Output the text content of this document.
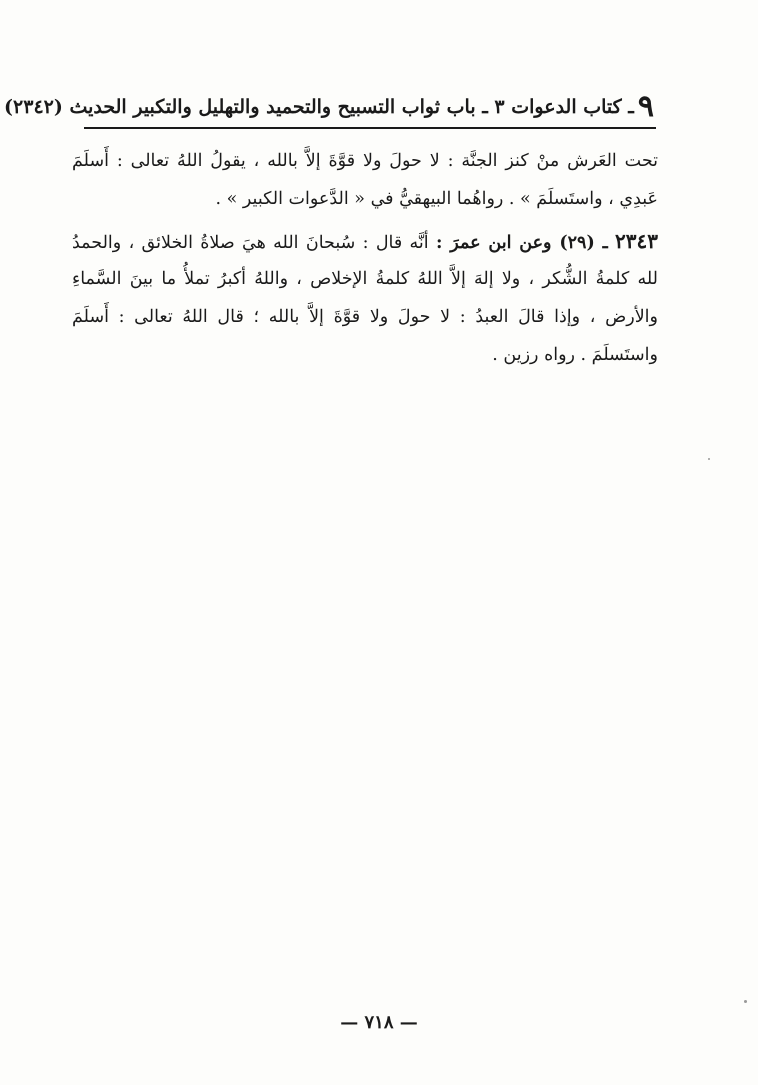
٩
ـ كتاب الدعوات ٣ ـ باب ثواب التسبيح والتحميد والتهليل والتكبير الحديث (٢٣٤٢)
تحت العَرش منْ كنز الجنَّة : لا حولَ ولا قوَّةَ إلاَّ بالله ، يقولُ اللهُ تعالى : أَسلَمَ
عَبدِي ، واستَسلَمَ » . رواهُما البيهقيُّ في « الدَّعوات الكبير » .
٢٣٤٣ ـ (٢٩) وعن ابن عمرَ : أنَّه قال : سُبحانَ الله هيَ صلاةُ الخلائق ، والحمدُ
لله كلمةُ الشُّكر ، ولا إلهَ إلاَّ اللهُ كلمةُ الإخلاص ، واللهُ أكبرُ تملأُ ما بينَ السَّماءِ
والأرض ، وإذا قالَ العبدُ : لا حولَ ولا قوَّةَ إلاَّ بالله ؛ قال اللهُ تعالى : أَسلَمَ
واستَسلَمَ . رواه رزين .
— ٧١٨ —
